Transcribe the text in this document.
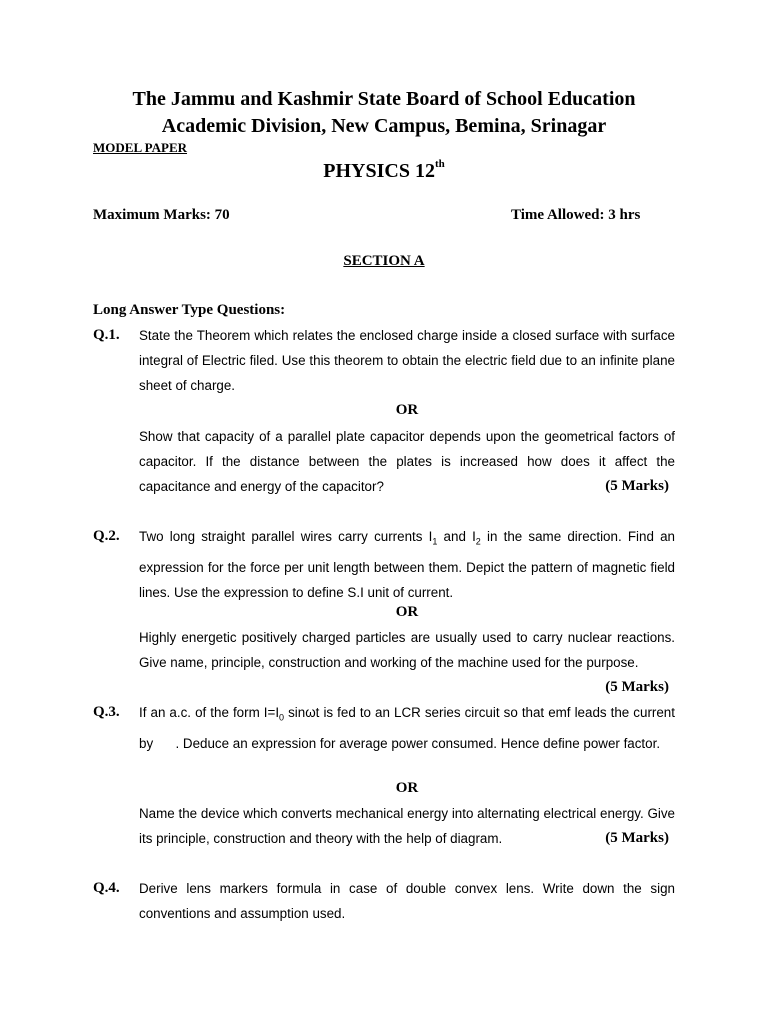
The Jammu and Kashmir State Board of School Education
Academic Division, New Campus, Bemina, Srinagar
MODEL PAPER
PHYSICS 12th
Maximum Marks: 70	Time Allowed: 3 hrs
SECTION A
Long Answer Type Questions:
Q.1. State the Theorem which relates the enclosed charge inside a closed surface with surface integral of Electric filed. Use this theorem to obtain the electric field due to an infinite plane sheet of charge.
OR
Show that capacity of a parallel plate capacitor depends upon the geometrical factors of capacitor. If the distance between the plates is increased how does it affect the capacitance and energy of the capacitor?	(5 Marks)
Q.2. Two long straight parallel wires carry currents $I_1$ and $I_2$ in the same direction. Find an expression for the force per unit length between them. Depict the pattern of magnetic field lines. Use the expression to define S.I unit of current.
OR
Highly energetic positively charged particles are usually used to carry nuclear reactions. Give name, principle, construction and working of the machine used for the purpose.
(5 Marks)
Q.3. If an a.c. of the form $I=I_0$ sinωt is fed to an LCR series circuit so that emf leads the current by      . Deduce an expression for average power consumed. Hence define power factor.
OR
Name the device which converts mechanical energy into alternating electrical energy. Give its principle, construction and theory with the help of diagram.	(5 Marks)
Q.4. Derive lens markers formula in case of double convex lens. Write down the sign conventions and assumption used.
